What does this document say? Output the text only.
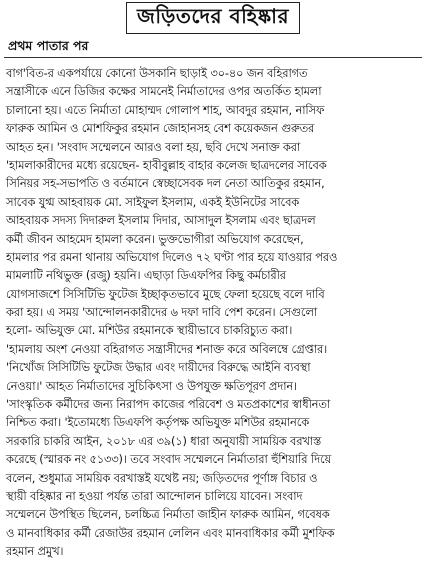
জড়িতদের বহিষ্কার
প্রথম পাতার পর
বাগ'বিত-র একপর্যায়ে কোনো উসকানি ছাড়াই ৩০-৪০ জন বহিরাগত
সন্ত্রাসীকে এনে ডিজির কক্ষের সামনেই নির্মাতাদের ওপর অতর্কিত হামলা
চালানো হয়। এতে নির্মাতা মোহাম্মদ গোলাপ শাহ, আবদুর রহমান, নাসিফ
ফারুক আমিন ও মোশফিকুর রহমান জোহানসহ বেশ কয়েকজন গুরুতর
আহত হন। 'সংবাদ সম্মেলনে আরও বলা হয়, ছবি দেখে সনাক্ত করা
'হামলাকারীদের মধ্যে রয়েছেন- হাবীবুল্লাহ বাহার কলেজ ছাত্রদলের সাবেক
সিনিয়র সহ-সভাপতি ও বর্তমানে স্বেচ্ছাসেবক দল নেতা আতিকুর রহমান,
সাবেক যুগ্ম আহবায়ক মো. সাইফুল ইসলাম, একই ইউনিটের সাবেক
আহবায়ক সদস্য দিদারুল ইসলাম দিদার, আসাদুল ইসলাম এবং ছাত্রদল
কর্মী জীবন আহমেদ হামলা করেন। ভুক্তভোগীরা অভিযোগ করেছেন,
হামলার পর রমনা থানায় অভিযোগ দিলেও ৭২ ঘণ্টা পার হয়ে যাওয়ার পরও
মামলাটি নথিভুক্ত (রজু) হয়নি। এছাড়া ডিএফপির কিছু কর্মচারীর
যোগসাজশে সিসিটিভি ফুটেজ ইচ্ছাকৃতভাবে মুছে ফেলা হয়েছে বলে দাবি
করা হয়। এ সময় 'আন্দোলনকারীদের ৬ দফা দাবি পেশ করেন। সেগুলো
হলো- অভিযুক্ত মো. মশিউর রহমানকে স্থায়ীভাবে চাকরিচ্যুত করা।
'হামলায় অংশ নেওয়া বহিরাগত সন্ত্রাসীদের শনাক্ত করে অবিলম্বে গ্রেপ্তার।
'নিখোঁজ সিসিটিভি ফুটেজ উদ্ধার এবং দায়ীদের বিরুদ্ধে আইনি ব্যবস্থা
নেওয়া।' আহত নির্মাতাদের সুচিকিৎসা ও উপযুক্ত ক্ষতিপূরণ প্রদান।
'সাংস্কৃতিক কর্মীদের জন্য নিরাপদ কাজের পরিবেশ ও মতপ্রকাশের স্বাধীনতা
নিশ্চিত করা। 'ইতোমধ্যে ডিএফপি কর্তৃপক্ষ অভিযুক্ত মশিউর রহমানকে
সরকারি চাকরি আইন, ২০১৮ এর ৩৯(১) ধারা অনুযায়ী সাময়িক বরখাস্ত
করেছে (স্মারক নং ৫১৩৩)। তবে সংবাদ সম্মেলনে নির্মাতারা হুঁশিয়ারি দিয়ে
বলেন, শুধুমাত্র সাময়িক বরখাস্তই যথেষ্ট নয়; জড়িতদের পূর্ণাঙ্গ বিচার ও
স্থায়ী বহিষ্কার না হওয়া পর্যন্ত তারা আন্দোলন চালিয়ে যাবেন। সংবাদ
সম্মেলনে উপস্থিত ছিলেন, চলচ্চিত্র নির্মাতা জাহীন ফারুক আমিন, গবেষক
ও মানবাধিকার কর্মী রেজাউর রহমান লেলিন এবং মানবাধিকার কর্মী মুশফিক
রহমান প্রমুখ।
